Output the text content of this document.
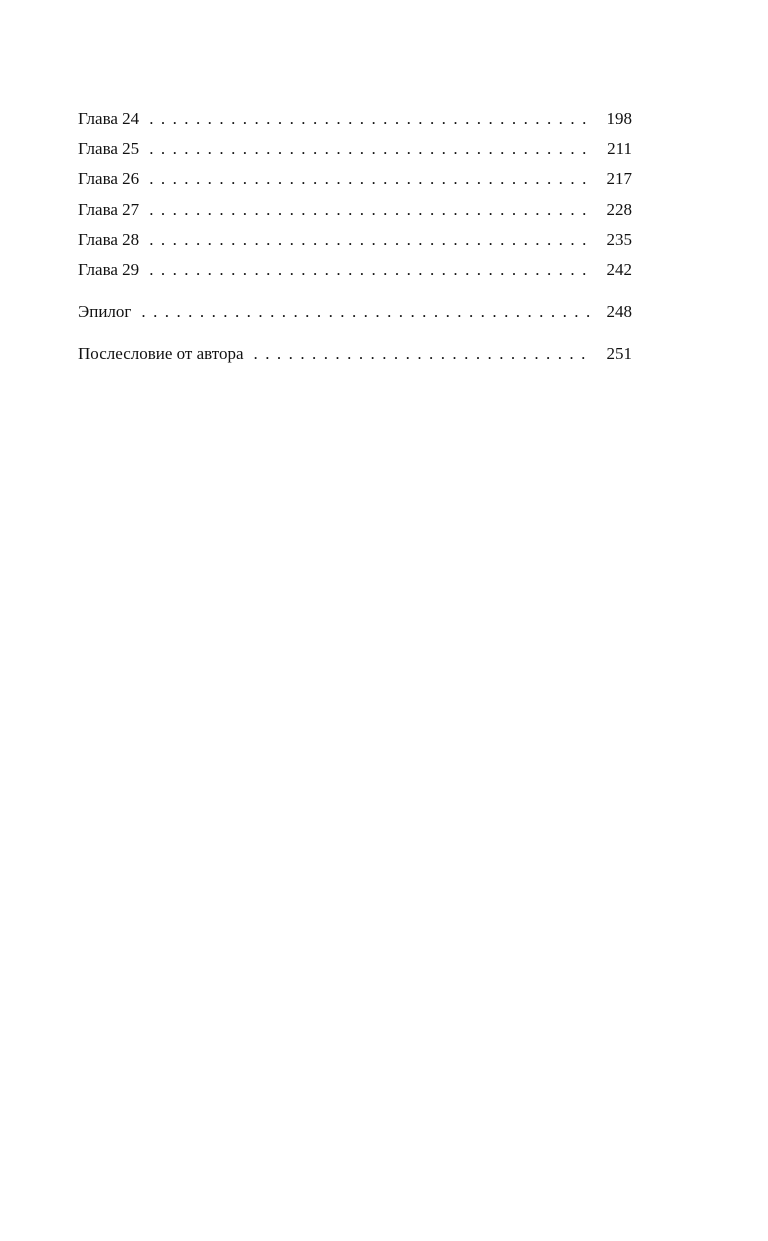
Глава 24 . . .	198
Глава 25 . . .	211
Глава 26 . . .	217
Глава 27 . . .	228
Глава 28 . . .	235
Глава 29 . . .	242
Эпилог . . .	248
Послесловие от автора . . .	251
